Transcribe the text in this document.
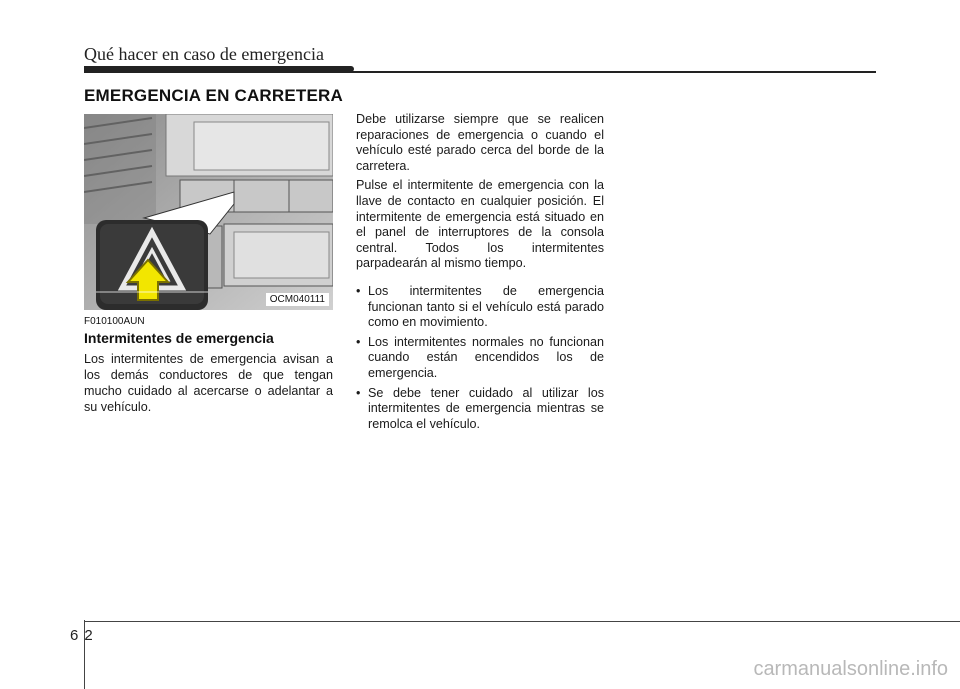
Qué hacer en caso de emergencia
EMERGENCIA EN CARRETERA
OCM040111
F010100AUN
Intermitentes de emergencia
Los intermitentes de emergencia avisan a los demás conductores de que tengan mucho cuidado al acercarse o adelantar a su vehículo.

Debe utilizarse siempre que se realicen reparaciones de emergencia o cuando el vehículo esté parado cerca del borde de la carretera.

Pulse el intermitente de emergencia con la llave de contacto en cualquier posición. El intermitente de emergencia está situado en el panel de interruptores de la consola central. Todos los intermitentes parpadearán al mismo tiempo.

• Los intermitentes de emergencia funcionan tanto si el vehículo está parado como en movimiento.
• Los intermitentes normales no funcionan cuando están encendidos los de emergencia.
• Se debe tener cuidado al utilizar los intermitentes de emergencia mientras se remolca el vehículo.
62
carmanualsonline.info
